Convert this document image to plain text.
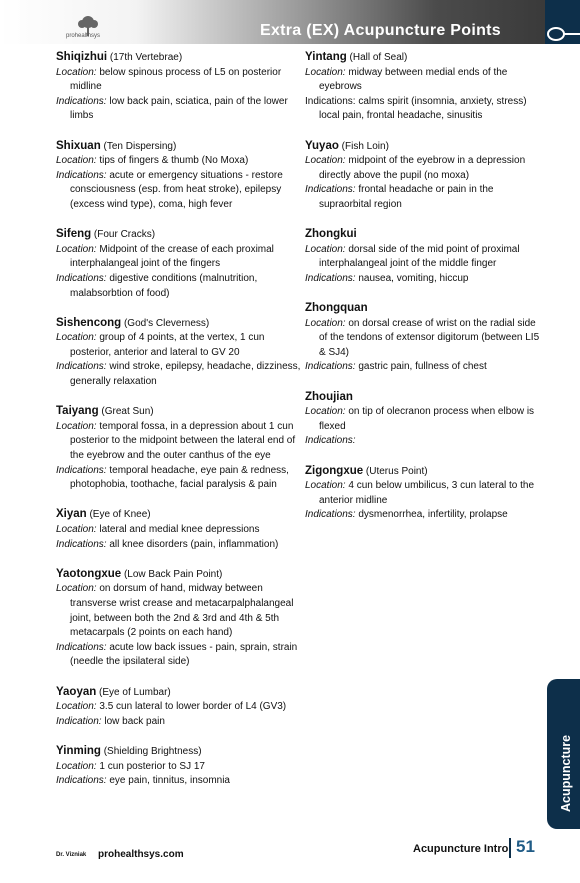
prohealthsys	Extra (EX) Acupuncture Points
Shiqizhui (17th Vertebrae)
Location: below spinous process of L5 on posterior midline
Indications: low back pain, sciatica, pain of the lower limbs
Shixuan (Ten Dispersing)
Location: tips of fingers & thumb (No Moxa)
Indications: acute or emergency situations - restore consciousness (esp. from heat stroke), epilepsy (excess wind type), coma, high fever
Sifeng (Four Cracks)
Location: Midpoint of the crease of each proximal interphalangeal joint of the fingers
Indications: digestive conditions (malnutrition, malabsorbtion of food)
Sishencong (God's Cleverness)
Location: group of 4 points, at the vertex, 1 cun posterior, anterior and lateral to GV 20
Indications: wind stroke, epilepsy, headache, dizziness, generally relaxation
Taiyang (Great Sun)
Location: temporal fossa, in a depression about 1 cun posterior to the midpoint between the lateral end of the eyebrow and the outer canthus of the eye
Indications: temporal headache, eye pain & redness, photophobia, toothache, facial paralysis & pain
Xiyan (Eye of Knee)
Location: lateral and medial knee depressions
Indications: all knee disorders (pain, inflammation)
Yaotongxue (Low Back Pain Point)
Location: on dorsum of hand, midway between transverse wrist crease and metacarpalphalangeal joint, between both the 2nd & 3rd and 4th & 5th metacarpals (2 points on each hand)
Indications: acute low back issues - pain, sprain, strain (needle the ipsilateral side)
Yaoyan (Eye of Lumbar)
Location: 3.5 cun lateral to lower border of L4 (GV3)
Indication: low back pain
Yinming (Shielding Brightness)
Location: 1 cun posterior to SJ 17
Indications: eye pain, tinnitus, insomnia
Yintang (Hall of Seal)
Location: midway between medial ends of the eyebrows
Indications: calms spirit (insomnia, anxiety, stress) local pain, frontal headache, sinusitis
Yuyao (Fish Loin)
Location: midpoint of the eyebrow in a depression directly above the pupil (no moxa)
Indications: frontal headache or pain in the supraorbital region
Zhongkui
Location: dorsal side of the mid point of proximal interphalangeal joint of the middle finger
Indications: nausea, vomiting, hiccup
Zhongquan
Location: on dorsal crease of wrist on the radial side of the tendons of extensor digitorum (between LI5 & SJ4)
Indications: gastric pain, fullness of chest
Zhoujian
Location: on tip of olecranon process when elbow is flexed
Indications:
Zigongxue (Uterus Point)
Location: 4 cun below umbilicus, 3 cun lateral to the anterior midline
Indications: dysmenorrhea, infertility, prolapse
Acupuncture
Dr. Vizniak prohealthsys.com	Acupuncture Intro 51
